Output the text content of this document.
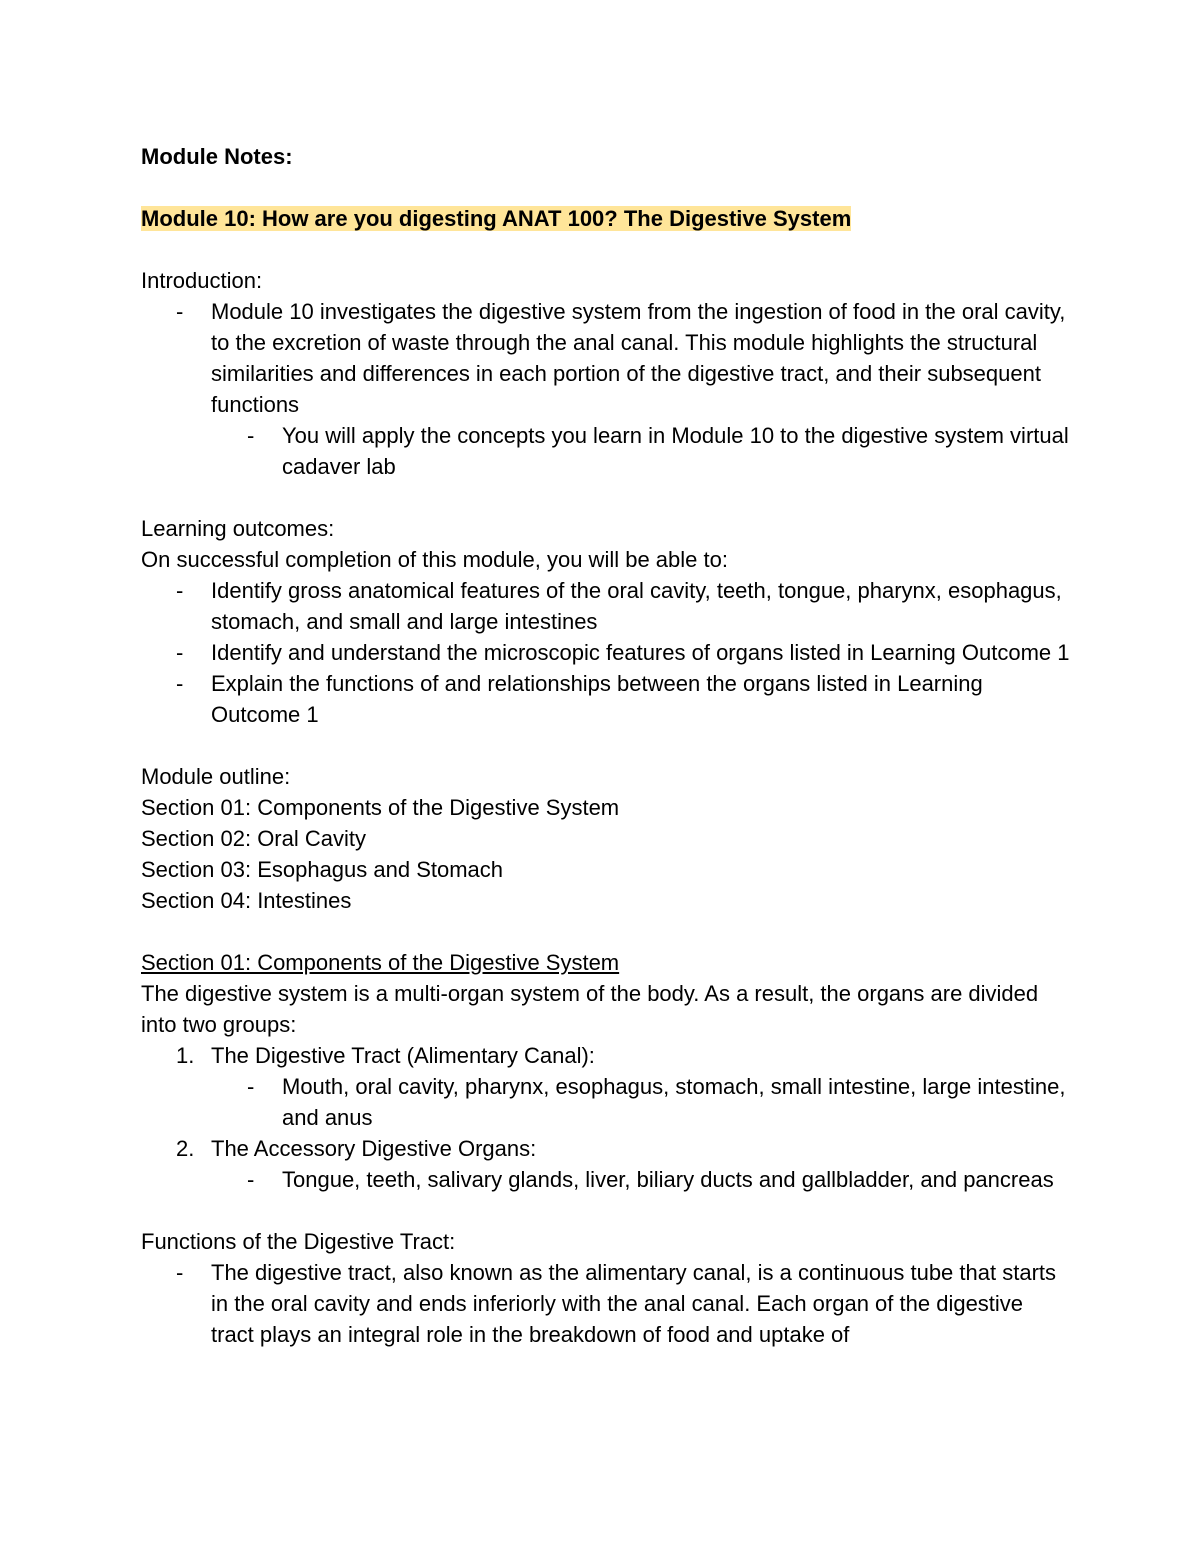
Module Notes:

Module 10: How are you digesting ANAT 100? The Digestive System

Introduction:

- Module 10 investigates the digestive system from the ingestion of food in the oral cavity, to the excretion of waste through the anal canal. This module highlights the structural similarities and differences in each portion of the digestive tract, and their subsequent functions
- You will apply the concepts you learn in Module 10 to the digestive system virtual cadaver lab

Learning outcomes:

On successful completion of this module, you will be able to:

- Identify gross anatomical features of the oral cavity, teeth, tongue, pharynx, esophagus, stomach, and small and large intestines
- Identify and understand the microscopic features of organs listed in Learning Outcome 1
- Explain the functions of and relationships between the organs listed in Learning Outcome 1

Module outline:

Section 01: Components of the Digestive System

Section 02: Oral Cavity

Section 03: Esophagus and Stomach

Section 04: Intestines

Section 01: Components of the Digestive System

The digestive system is a multi-organ system of the body. As a result, the organs are divided into two groups:

1. The Digestive Tract (Alimentary Canal):
- Mouth, oral cavity, pharynx, esophagus, stomach, small intestine, large intestine, and anus
2. The Accessory Digestive Organs:
- Tongue, teeth, salivary glands, liver, biliary ducts and gallbladder, and pancreas

Functions of the Digestive Tract:

- The digestive tract, also known as the alimentary canal, is a continuous tube that starts in the oral cavity and ends inferiorly with the anal canal. Each organ of the digestive tract plays an integral role in the breakdown of food and uptake of
